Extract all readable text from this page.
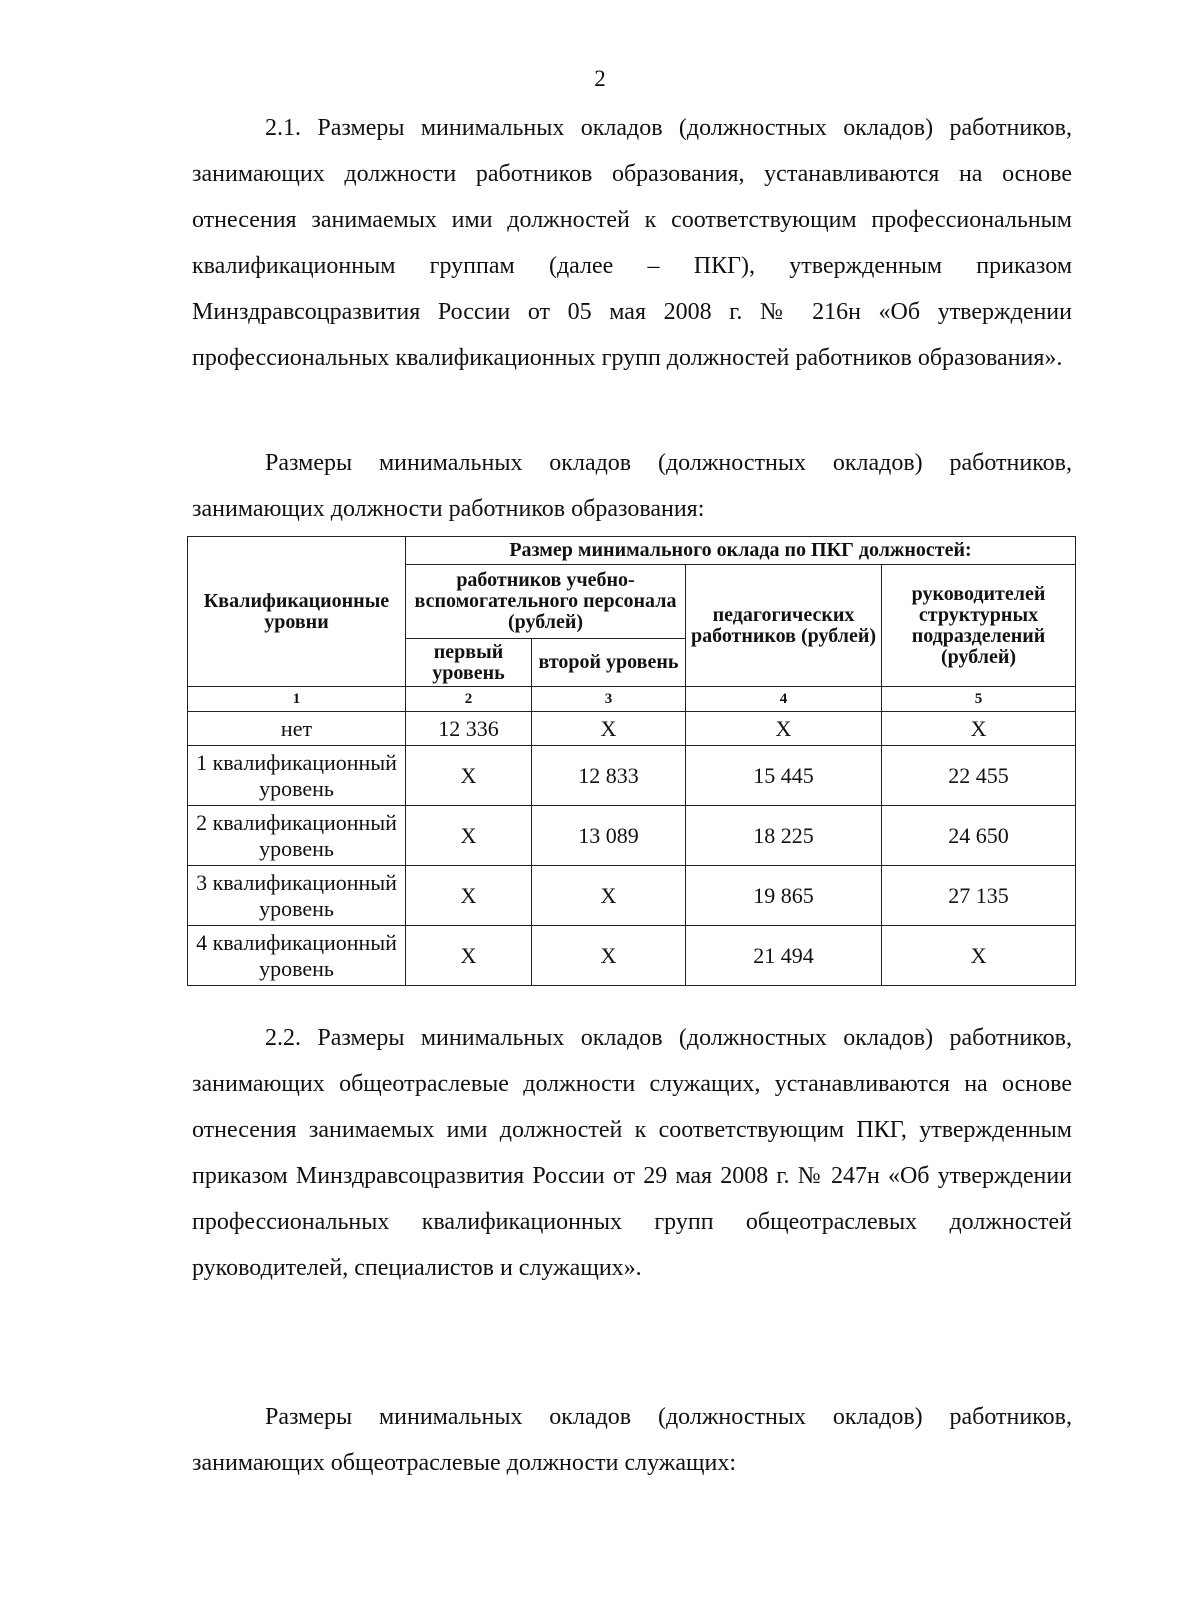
2
2.1. Размеры минимальных окладов (должностных окладов) работников, занимающих должности работников образования, устанавливаются на основе отнесения занимаемых ими должностей к соответствующим профессиональным квалификационным группам (далее – ПКГ), утвержденным приказом Минздравсоцразвития России от 05 мая 2008 г. № 216н «Об утверждении профессиональных квалификационных групп должностей работников образования».
Размеры минимальных окладов (должностных окладов) работников, занимающих должности работников образования:
Квалификационные уровни	Размер минимального оклада по ПКГ должностей:			
	работников учебно-вспомогательного персонала (рублей)		педагогических работников (рублей)	руководителей структурных подразделений (рублей)
	первый уровень	второй уровень		
1	2	3	4	5
нет	12 336	Х	Х	Х
1 квалификационный уровень	Х	12 833	15 445	22 455
2 квалификационный уровень	Х	13 089	18 225	24 650
3 квалификационный уровень	Х	Х	19 865	27 135
4 квалификационный уровень	Х	Х	21 494	Х
2.2. Размеры минимальных окладов (должностных окладов) работников, занимающих общеотраслевые должности служащих, устанавливаются на основе отнесения занимаемых ими должностей к соответствующим ПКГ, утвержденным приказом Минздравсоцразвития России от 29 мая 2008 г. № 247н «Об утверждении профессиональных квалификационных групп общеотраслевых должностей руководителей, специалистов и служащих».
Размеры минимальных окладов (должностных окладов) работников, занимающих общеотраслевые должности служащих:
